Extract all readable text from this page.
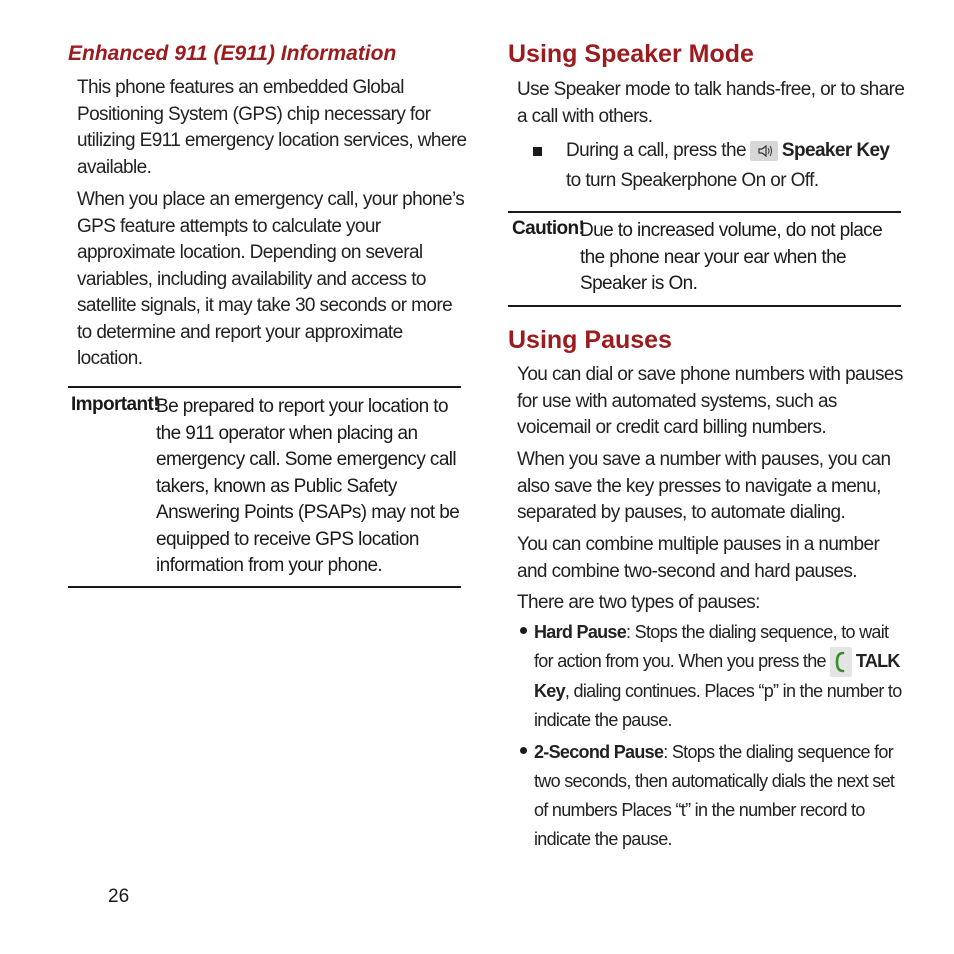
Enhanced 911 (E911) Information

This phone features an embedded Global Positioning System (GPS) chip necessary for utilizing E911 emergency location services, where available.

When you place an emergency call, your phone’s GPS feature attempts to calculate your approximate location. Depending on several variables, including availability and access to satellite signals, it may take 30 seconds or more to determine and report your approximate location.

Important!

Be prepared to report your location to the 911 operator when placing an emergency call. Some emergency call takers, known as Public Safety Answering Points (PSAPs) may not be equipped to receive GPS location information from your phone.

Using Speaker Mode

Use Speaker mode to talk hands-free, or to share a call with others.

During a call, press the Speaker Key
to turn Speakerphone On or Off.
Caution!

Due to increased volume, do not place the phone near your ear when the Speaker is On.

Using Pauses

You can dial or save phone numbers with pauses for use with automated systems, such as voicemail or credit card billing numbers.

When you save a number with pauses, you can also save the key presses to navigate a menu, separated by pauses, to automate dialing.

You can combine multiple pauses in a number and combine two-second and hard pauses.

There are two types of pauses:

Hard Pause: Stops the dialing sequence, to wait for action from you. When you press the TALK Key, dialing continues. Places “p” in the number to indicate the pause.
2-Second Pause: Stops the dialing sequence for two seconds, then automatically dials the next set of numbers Places “t” in the number record to indicate the pause.
26
